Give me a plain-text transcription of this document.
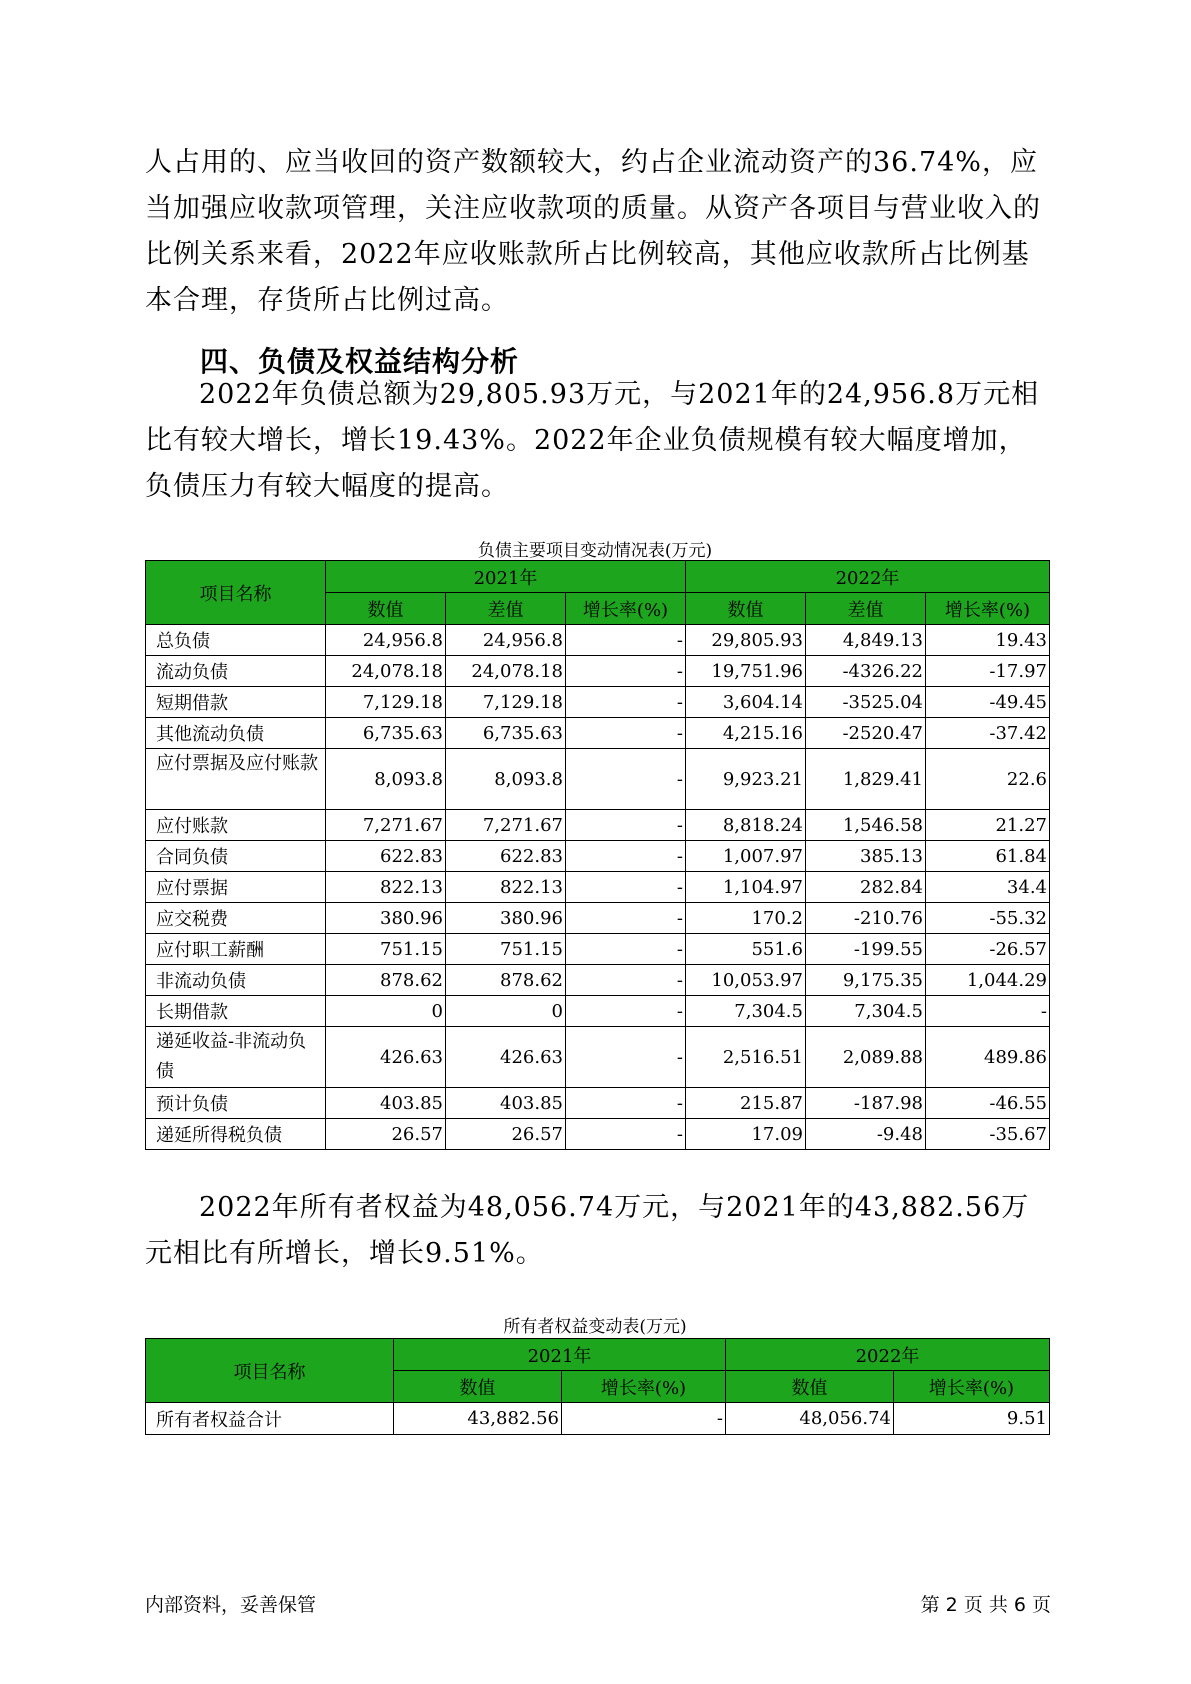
人占用的、应当收回的资产数额较大，约占企业流动资产的36.74%，应当加强应收款项管理，关注应收款项的质量。从资产各项目与营业收入的比例关系来看，2022年应收账款所占比例较高，其他应收款所占比例基本合理，存货所占比例过高。

四、负债及权益结构分析

2022年负债总额为29,805.93万元，与2021年的24,956.8万元相比有较大增长，增长19.43%。2022年企业负债规模有较大幅度增加，负债压力有较大幅度的提高。

负债主要项目变动情况表(万元)
项目名称	2021年			2022年		
	数值	差值	增长率(%)	数值	差值	增长率(%)
总负债	24,956.8	24,956.8	-	29,805.93	4,849.13	19.43
流动负债	24,078.18	24,078.18	-	19,751.96	-4326.22	-17.97
短期借款	7,129.18	7,129.18	-	3,604.14	-3525.04	-49.45
其他流动负债	6,735.63	6,735.63	-	4,215.16	-2520.47	-37.42
应付票据及应付账款	8,093.8	8,093.8	-	9,923.21	1,829.41	22.6
应付账款	7,271.67	7,271.67	-	8,818.24	1,546.58	21.27
合同负债	622.83	622.83	-	1,007.97	385.13	61.84
应付票据	822.13	822.13	-	1,104.97	282.84	34.4
应交税费	380.96	380.96	-	170.2	-210.76	-55.32
应付职工薪酬	751.15	751.15	-	551.6	-199.55	-26.57
非流动负债	878.62	878.62	-	10,053.97	9,175.35	1,044.29
长期借款	0	0	-	7,304.5	7,304.5	-
递延收益-非流动负债	426.63	426.63	-	2,516.51	2,089.88	489.86
预计负债	403.85	403.85	-	215.87	-187.98	-46.55
递延所得税负债	26.57	26.57	-	17.09	-9.48	-35.67

2022年所有者权益为48,056.74万元，与2021年的43,882.56万元相比有所增长，增长9.51%。

所有者权益变动表(万元)
项目名称	2021年		2022年	
	数值	增长率(%)	数值	增长率(%)
所有者权益合计	43,882.56	-	48,056.74	9.51
内部资料，妥善保管	第 2 页 共 6 页
